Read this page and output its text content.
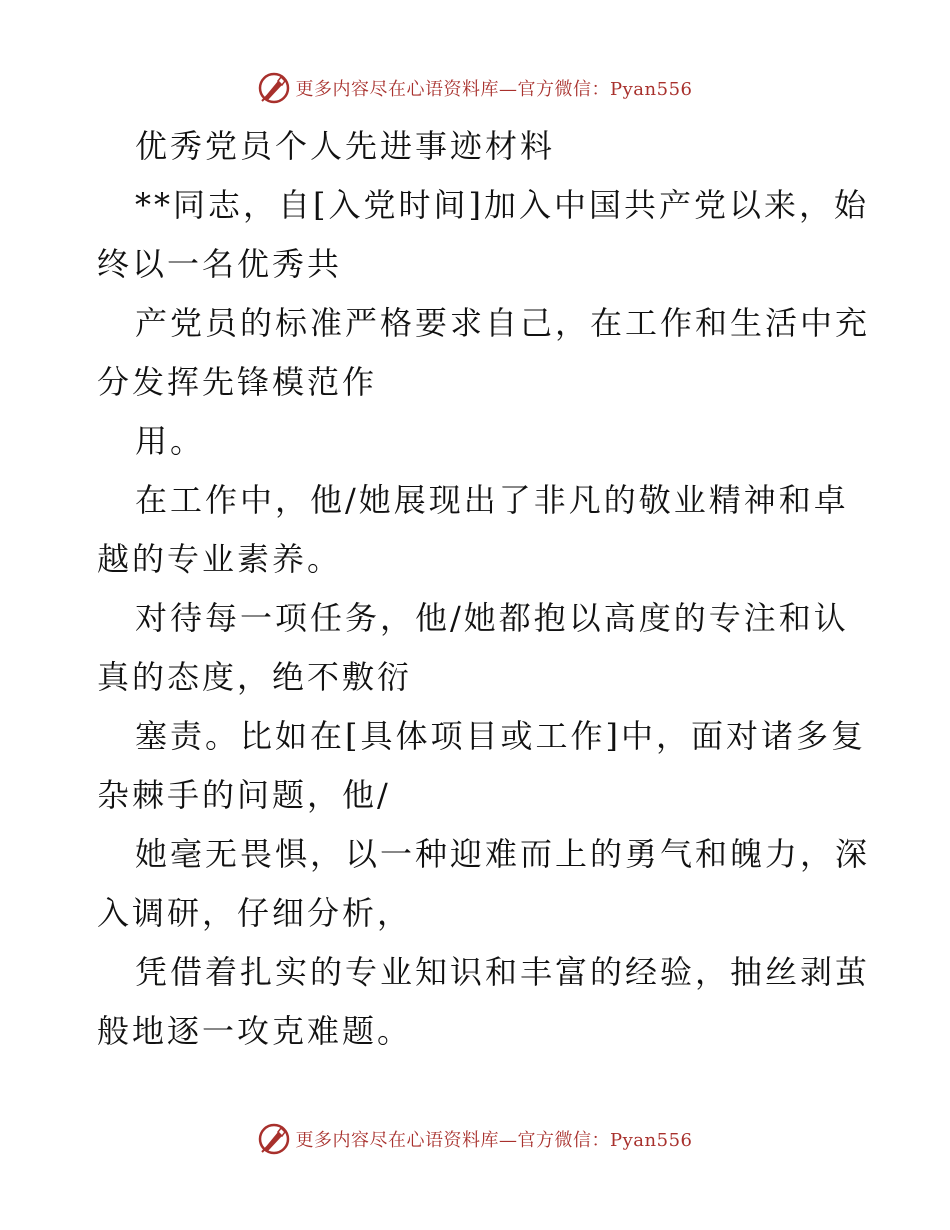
更多内容尽在心语资料库—官方微信：Pyan556
优秀党员个人先进事迹材料
**同志，自[入党时间]加入中国共产党以来，始
终以一名优秀共
产党员的标准严格要求自己，在工作和生活中充
分发挥先锋模范作
用。
在工作中，他/她展现出了非凡的敬业精神和卓
越的专业素养。
对待每一项任务，他/她都抱以高度的专注和认
真的态度，绝不敷衍
塞责。比如在[具体项目或工作]中，面对诸多复
杂棘手的问题，他/
她毫无畏惧，以一种迎难而上的勇气和魄力，深
入调研，仔细分析，
凭借着扎实的专业知识和丰富的经验，抽丝剥茧
般地逐一攻克难题。
更多内容尽在心语资料库—官方微信：Pyan556
